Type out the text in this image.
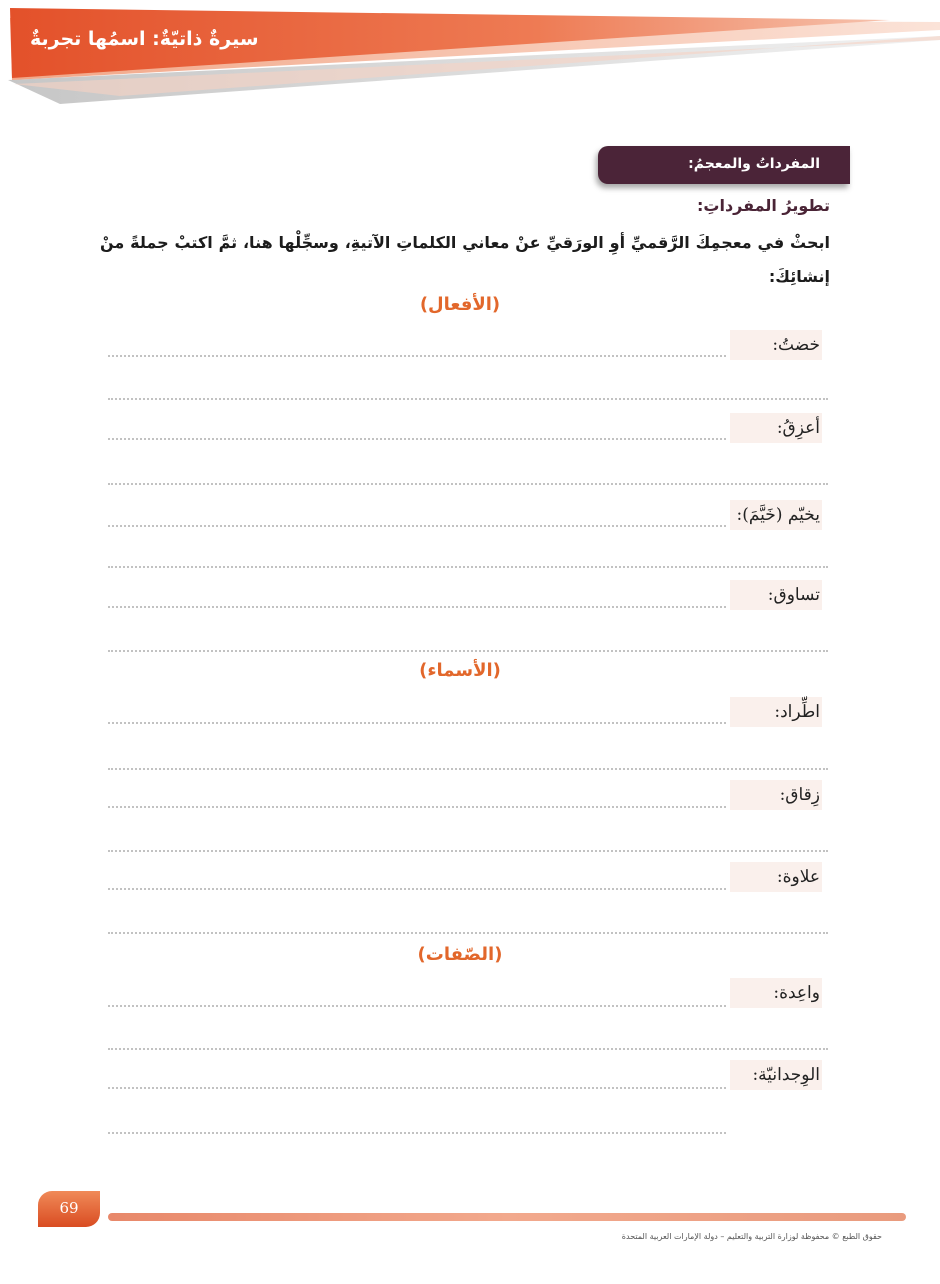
سيرةٌ ذاتيّةٌ: اسمُها تجربةٌ
المفرداتُ والمعجمُ:
تطويرُ المفرداتِ:
ابحثْ في معجمِكَ الرَّقميِّ أوِ الورَقيِّ عنْ معاني الكلماتِ الآتيةِ، وسجِّلْها هنا، ثمَّ اكتبْ جملةً منْ إنشائِكَ:
(الأفعال)
خضتُ:
أعزِقُ:
يخيّم (خَيَّمَ):
تساوق:
(الأسماء)
اطِّراد:
زِقاق:
علاوة:
(الصّفات)
واعِدة:
الوِجدانيّة:
69
حقوق الطبع © محفوظة لوزارة التربية والتعليم – دولة الإمارات العربية المتحدة
